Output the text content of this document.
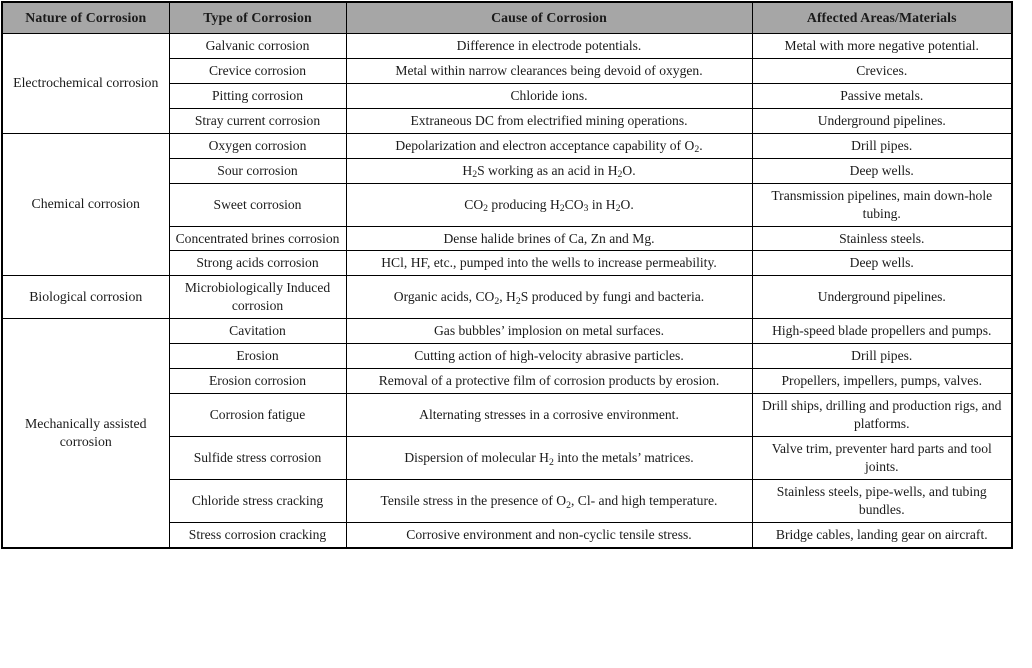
Nature of Corrosion	Type of Corrosion	Cause of Corrosion	Affected Areas/Materials
Electrochemical corrosion	Galvanic corrosion	Difference in electrode potentials.	Metal with more negative potential.
	Crevice corrosion	Metal within narrow clearances being devoid of oxygen.	Crevices.
	Pitting corrosion	Chloride ions.	Passive metals.
	Stray current corrosion	Extraneous DC from electrified mining operations.	Underground pipelines.
Chemical corrosion	Oxygen corrosion	Depolarization and electron acceptance capability of $O_2$.	Drill pipes.
	Sour corrosion	$H_2S$ working as an acid in $H_2O$.	Deep wells.
	Sweet corrosion	$CO_2$ producing $H_2CO_3$ in $H_2O$.	Transmission pipelines, main down-hole tubing.
	Concentrated brines corrosion	Dense halide brines of Ca, Zn and Mg.	Stainless steels.
	Strong acids corrosion	HCl, HF, etc., pumped into the wells to increase permeability.	Deep wells.
Biological corrosion	Microbiologically Induced corrosion	Organic acids, $CO_2$, $H_2S$ produced by fungi and bacteria.	Underground pipelines.
Mechanically assisted corrosion	Cavitation	Gas bubbles’ implosion on metal surfaces.	High-speed blade propellers and pumps.
	Erosion	Cutting action of high-velocity abrasive particles.	Drill pipes.
	Erosion corrosion	Removal of a protective film of corrosion products by erosion.	Propellers, impellers, pumps, valves.
	Corrosion fatigue	Alternating stresses in a corrosive environment.	Drill ships, drilling and production rigs, and platforms.
	Sulfide stress corrosion	Dispersion of molecular $H_2$ into the metals’ matrices.	Valve trim, preventer hard parts and tool joints.
	Chloride stress cracking	Tensile stress in the presence of $O_2$, Cl- and high temperature.	Stainless steels, pipe-wells, and tubing bundles.
	Stress corrosion cracking	Corrosive environment and non-cyclic tensile stress.	Bridge cables, landing gear on aircraft.
